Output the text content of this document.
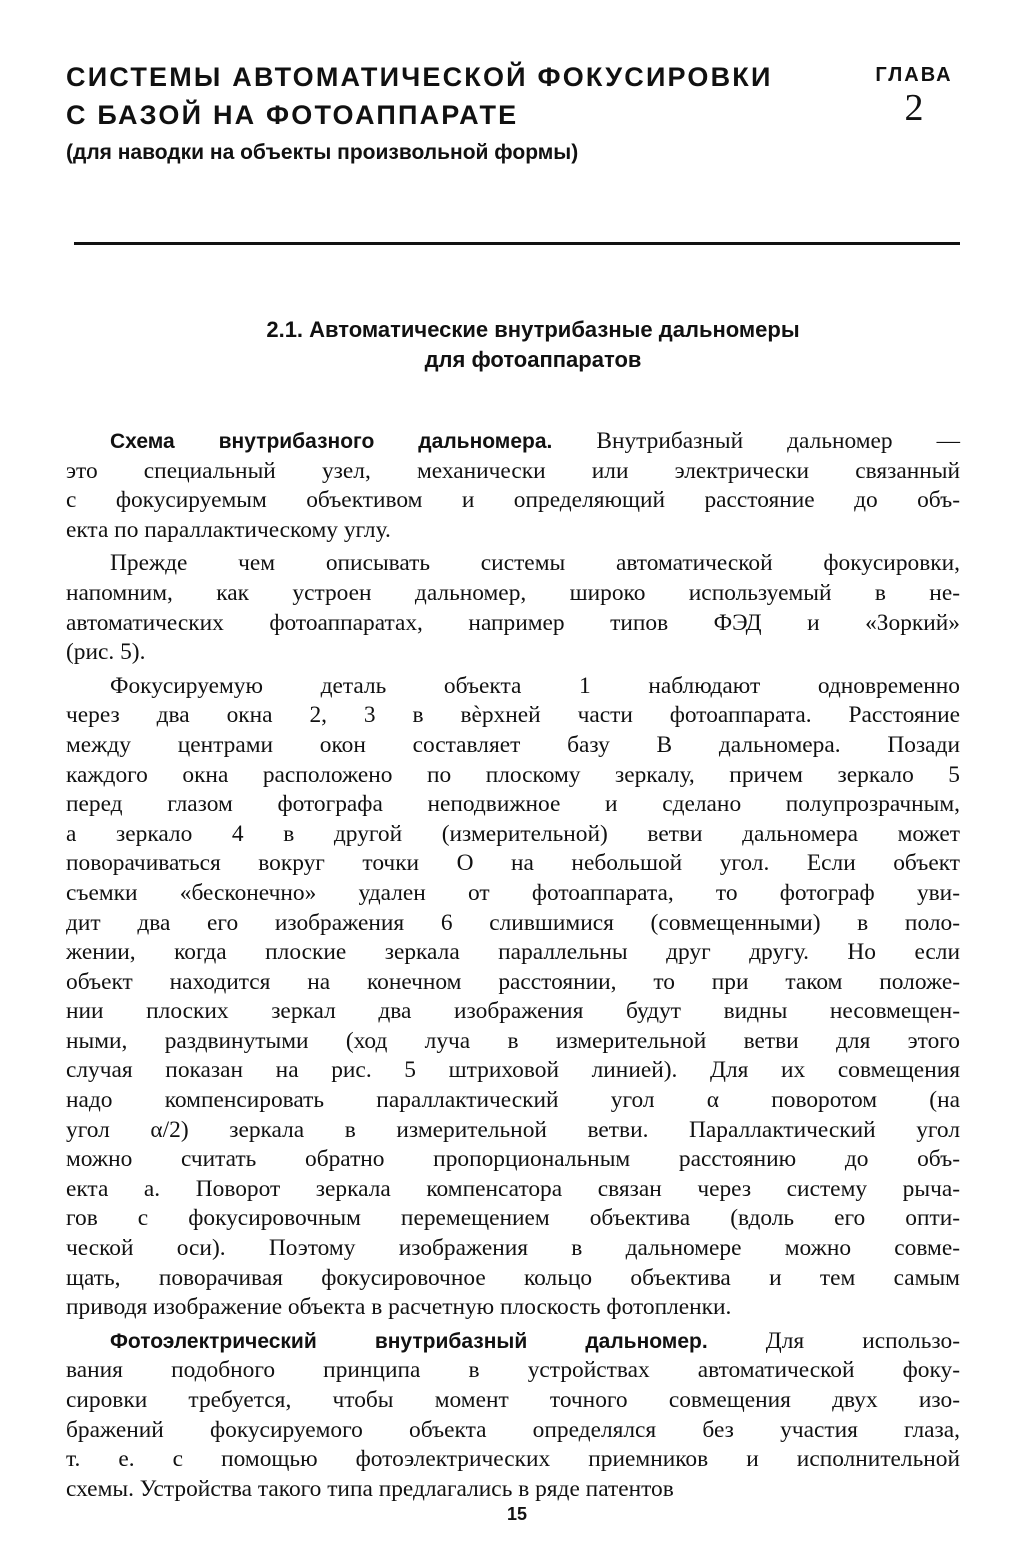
СИСТЕМЫ АВТОМАТИЧЕСКОЙ ФОКУСИРОВКИ
С БАЗОЙ НА ФОТОАППАРАТЕ
(для наводки на объекты произвольной формы)
ГЛАВА
2
2.1. Автоматические внутрибазные дальномеры
для фотоаппаратов
Схема внутрибазного дальномера. Внутрибазный дальномер —
это специальный узел, механически или электрически связанный
с фокусируемым объективом и определяющий расстояние до объ-
екта по параллактическому углу.
Прежде чем описывать системы автоматической фокусировки,
напомним, как устроен дальномер, широко используемый в не-
автоматических фотоаппаратах, например типов ФЭД и «Зоркий»
(рис. 5).
Фокусируемую деталь объекта 1 наблюдают одновременно
через два окна 2, 3 в вèрхней части фотоаппарата. Расстояние
между центрами окон составляет базу B дальномера. Позади
каждого окна расположено по плоскому зеркалу, причем зеркало 5
перед глазом фотографа неподвижное и сделано полупрозрачным,
а зеркало 4 в другой (измерительной) ветви дальномера может
поворачиваться вокруг точки O на небольшой угол. Если объект
съемки «бесконечно» удален от фотоаппарата, то фотограф уви-
дит два его изображения 6 слившимися (совмещенными) в поло-
жении, когда плоские зеркала параллельны друг другу. Но если
объект находится на конечном расстоянии, то при таком положе-
нии плоских зеркал два изображения будут видны несовмещен-
ными, раздвинутыми (ход луча в измерительной ветви для этого
случая показан на рис. 5 штриховой линией). Для их совмещения
надо компенсировать параллактический угол α поворотом (на
угол α/2) зеркала в измерительной ветви. Параллактический угол
можно считать обратно пропорциональным расстоянию до объ-
екта a. Поворот зеркала компенсатора связан через систему рыча-
гов с фокусировочным перемещением объектива (вдоль его опти-
ческой оси). Поэтому изображения в дальномере можно совме-
щать, поворачивая фокусировочное кольцо объектива и тем самым
приводя изображение объекта в расчетную плоскость фотопленки.
Фотоэлектрический внутрибазный дальномер. Для использо-
вания подобного принципа в устройствах автоматической фоку-
сировки требуется, чтобы момент точного совмещения двух изо-
бражений фокусируемого объекта определялся без участия глаза,
т. е. с помощью фотоэлектрических приемников и исполнительной
схемы. Устройства такого типа предлагались в ряде патентов
15
